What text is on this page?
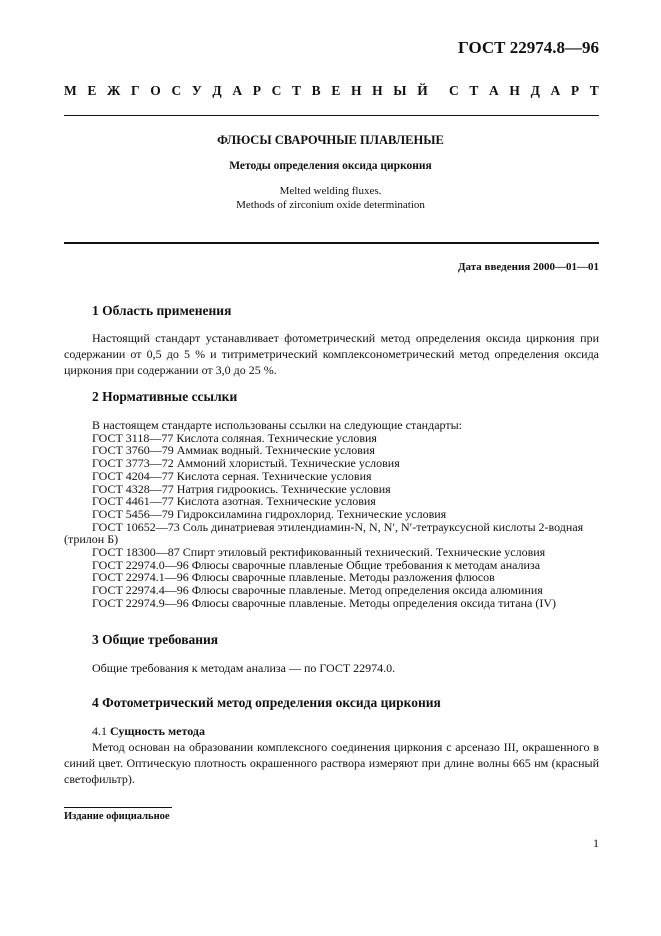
ГОСТ 22974.8—96
М Е Ж Г О С У Д А Р С Т В Е Н Н Ы Й С Т А Н Д А Р Т
ФЛЮСЫ СВАРОЧНЫЕ ПЛАВЛЕНЫЕ
Методы определения оксида циркония
Melted welding fluxes.
Methods of zirconium oxide determination
Дата введения 2000—01—01
1 Область применения
Настоящий стандарт устанавливает фотометрический метод определения оксида циркония при содержании от 0,5 до 5 % и титриметрический комплексонометрический метод определения оксида циркония при содержании от 3,0 до 25 %.
2 Нормативные ссылки
В настоящем стандарте использованы ссылки на следующие стандарты:
ГОСТ 3118—77 Кислота соляная. Технические условия
ГОСТ 3760—79 Аммиак водный. Технические условия
ГОСТ 3773—72 Аммоний хлористый. Технические условия
ГОСТ 4204—77 Кислота серная. Технические условия
ГОСТ 4328—77 Натрия гидроокись. Технические условия
ГОСТ 4461—77 Кислота азотная. Технические условия
ГОСТ 5456—79 Гидроксиламина гидрохлорид. Технические условия
ГОСТ 10652—73 Соль динатриевая этилендиамин-N, N, N′, N′-тетрауксусной кислоты 2-водная (трилон Б)
ГОСТ 18300—87 Спирт этиловый ректификованный технический. Технические условия
ГОСТ 22974.0—96 Флюсы сварочные плавленые Общие требования к методам анализа
ГОСТ 22974.1—96 Флюсы сварочные плавленые. Методы разложения флюсов
ГОСТ 22974.4—96 Флюсы сварочные плавленые. Метод определения оксида алюминия
ГОСТ 22974.9—96 Флюсы сварочные плавленые. Методы определения оксида титана (IV)
3 Общие требования
Общие требования к методам анализа — по ГОСТ 22974.0.
4 Фотометрический метод определения оксида циркония
4.1 Сущность метода
Метод основан на образовании комплексного соединения циркония с арсеназо III, окрашенного в синий цвет. Оптическую плотность окрашенного раствора измеряют при длине волны 665 нм (красный светофильтр).
Издание официальное
1
